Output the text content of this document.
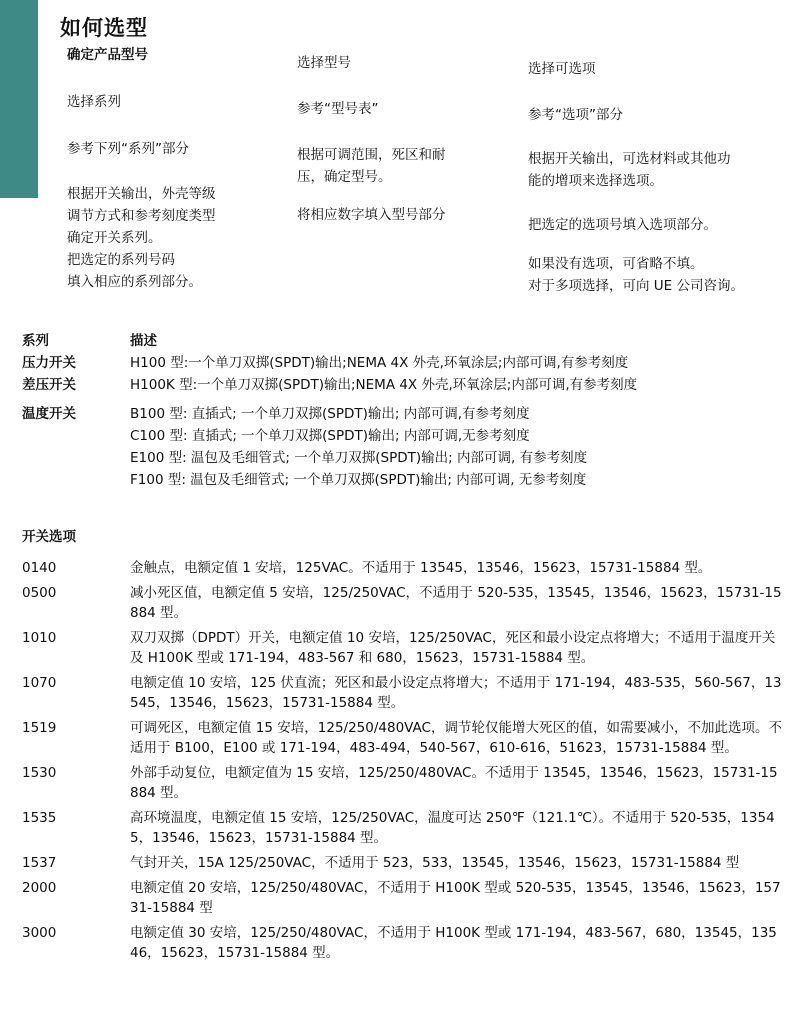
如何选型

确定产品型号

选择系列

参考下列“系列”部分

根据开关输出，外壳等级
调节方式和参考刻度类型
确定开关系列。
把选定的系列号码
填入相应的系列部分。

选择型号

参考“型号表”

根据可调范围，死区和耐
压，确定型号。

将相应数字填入型号部分

选择可选项

参考“选项”部分

根据开关输出，可选材料或其他功
能的增项来选择选项。

把选定的选项号填入选项部分。

如果没有选项，可省略不填。
对于多项选择，可向 UE 公司咨询。

系列	描述
压力开关	H100 型:一个单刀双掷(SPDT)输出;NEMA 4X 外壳,环氧涂层;内部可调,有参考刻度
差压开关	H100K 型:一个单刀双掷(SPDT)输出;NEMA 4X 外壳,环氧涂层;内部可调,有参考刻度
温度开关	B100 型: 直插式; 一个单刀双掷(SPDT)输出; 内部可调,有参考刻度
C100 型: 直插式; 一个单刀双掷(SPDT)输出; 内部可调,无参考刻度
E100 型: 温包及毛细管式; 一个单刀双掷(SPDT)输出; 内部可调, 有参考刻度
F100 型: 温包及毛细管式; 一个单刀双掷(SPDT)输出; 内部可调, 无参考刻度
开关选项
0140	金触点，电额定值 1 安培，125VAC。不适用于 13545，13546，15623，15731-15884 型。
0500	减小死区值，电额定值 5 安培，125/250VAC，不适用于 520-535，13545，13546，15623，15731-15884 型。
1010	双刀双掷（DPDT）开关，电额定值 10 安培，125/250VAC，死区和最小设定点将增大；不适用于温度开关及 H100K 型或 171-194，483-567 和 680，15623，15731-15884 型。
1070	电额定值 10 安培，125 伏直流；死区和最小设定点将增大；不适用于 171-194，483-535，560-567，13545，13546，15623，15731-15884 型。
1519	可调死区，电额定值 15 安培，125/250/480VAC，调节轮仅能增大死区的值，如需要减小，不加此选项。不适用于 B100，E100 或 171-194，483-494，540-567，610-616，51623，15731-15884 型。
1530	外部手动复位，电额定值为 15 安培，125/250/480VAC。不适用于 13545，13546，15623，15731-15884 型。
1535	高环境温度，电额定值 15 安培，125/250VAC，温度可达 250℉（121.1℃）。不适用于 520-535，13545，13546，15623，15731-15884 型。
1537	气封开关，15A 125/250VAC，不适用于 523，533，13545，13546，15623，15731-15884 型
2000	电额定值 20 安培，125/250/480VAC，不适用于 H100K 型或 520-535，13545，13546，15623，15731-15884 型
3000	电额定值 30 安培，125/250/480VAC，不适用于 H100K 型或 171-194，483-567，680，13545，13546，15623，15731-15884 型。
